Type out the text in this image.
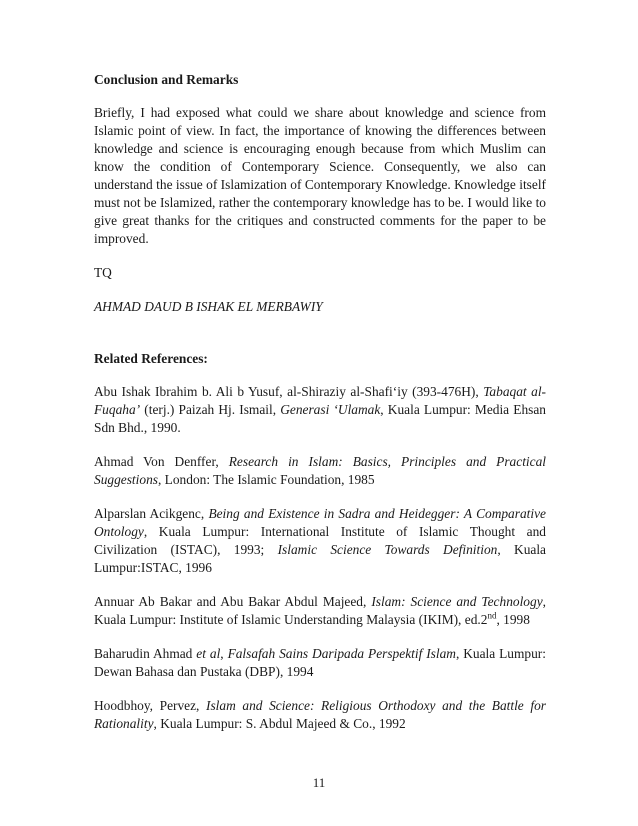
Conclusion and Remarks

Briefly, I had exposed what could we share about knowledge and science from Islamic point of view. In fact, the importance of knowing the differences between knowledge and science is encouraging enough because from which Muslim can know the condition of Contemporary Science. Consequently, we also can understand the issue of Islamization of Contemporary Knowledge. Knowledge itself must not be Islamized, rather the contemporary knowledge has to be. I would like to give great thanks for the critiques and constructed comments for the paper to be improved.

TQ

AHMAD DAUD B ISHAK EL MERBAWIY

Related References:

Abu Ishak Ibrahim b. Ali b Yusuf, al-Shiraziy al-Shafi‘iy (393-476H), Tabaqat al-Fuqaha’ (terj.) Paizah Hj. Ismail, Generasi ‘Ulamak, Kuala Lumpur: Media Ehsan Sdn Bhd., 1990.

Ahmad Von Denffer, Research in Islam: Basics, Principles and Practical Suggestions, London: The Islamic Foundation, 1985

Alparslan Acikgenc, Being and Existence in Sadra and Heidegger: A Comparative Ontology, Kuala Lumpur: International Institute of Islamic Thought and Civilization (ISTAC), 1993; Islamic Science Towards Definition, Kuala Lumpur:ISTAC, 1996

Annuar Ab Bakar and Abu Bakar Abdul Majeed, Islam: Science and Technology, Kuala Lumpur: Institute of Islamic Understanding Malaysia (IKIM), ed.2nd, 1998

Baharudin Ahmad et al, Falsafah Sains Daripada Perspektif Islam, Kuala Lumpur: Dewan Bahasa dan Pustaka (DBP), 1994

Hoodbhoy, Pervez, Islam and Science: Religious Orthodoxy and the Battle for Rationality, Kuala Lumpur: S. Abdul Majeed & Co., 1992

11
